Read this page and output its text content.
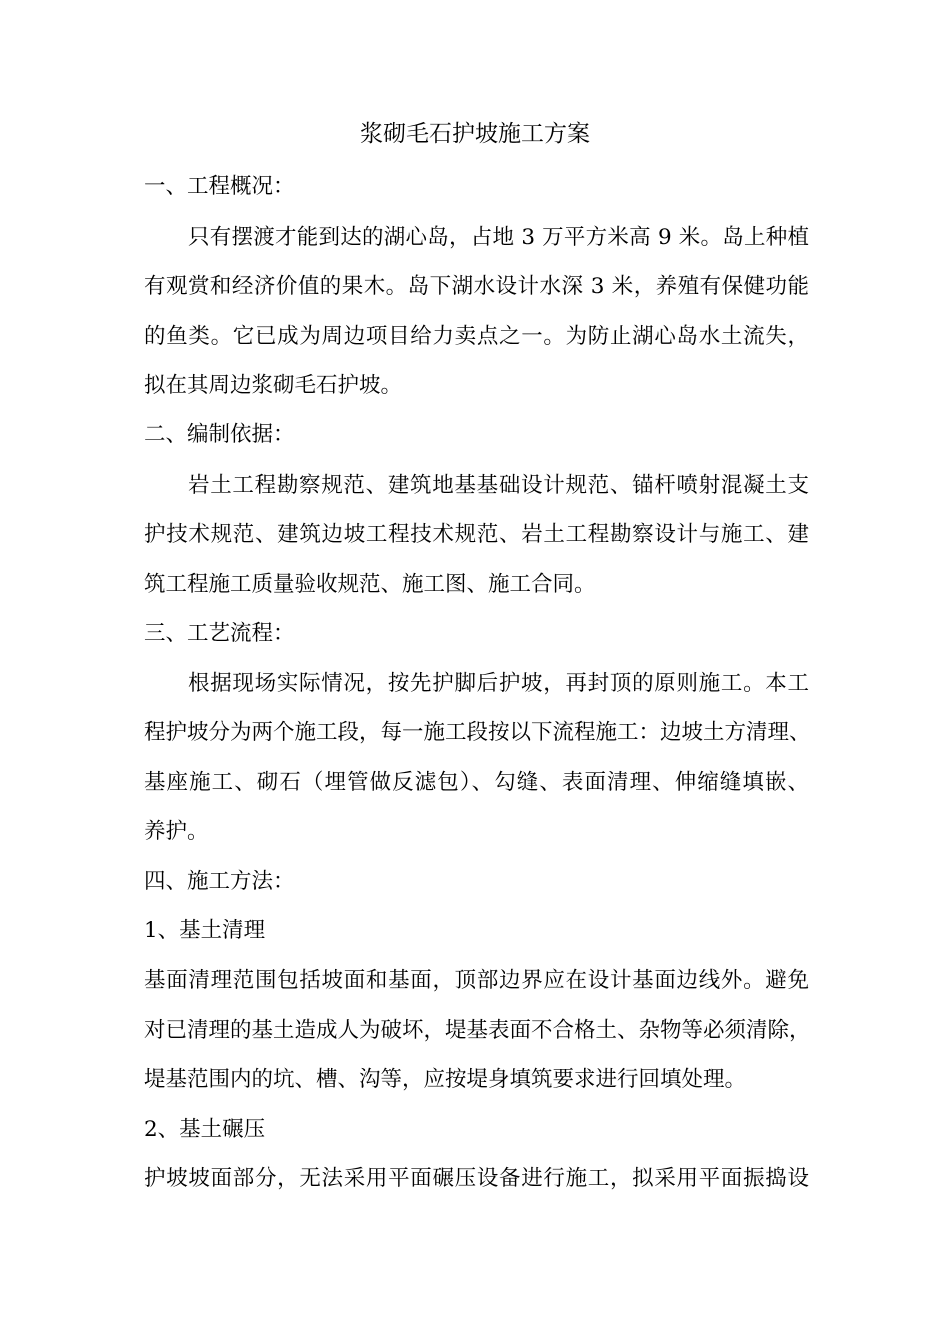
浆砌毛石护坡施工方案

一、工程概况：

只有摆渡才能到达的湖心岛，占地 3 万平方米高 9 米。岛上种植

有观赏和经济价值的果木。岛下湖水设计水深 3 米，养殖有保健功能

的鱼类。它已成为周边项目给力卖点之一。为防止湖心岛水土流失，

拟在其周边浆砌毛石护坡。

二、编制依据：

岩土工程勘察规范、建筑地基基础设计规范、锚杆喷射混凝土支

护技术规范、建筑边坡工程技术规范、岩土工程勘察设计与施工、建

筑工程施工质量验收规范、施工图、施工合同。

三、工艺流程：

根据现场实际情况，按先护脚后护坡，再封顶的原则施工。本工

程护坡分为两个施工段，每一施工段按以下流程施工：边坡土方清理、

基座施工、砌石（埋管做反滤包）、勾缝、表面清理、伸缩缝填嵌、

养护。

四、施工方法：

1、基土清理

基面清理范围包括坡面和基面，顶部边界应在设计基面边线外。避免

对已清理的基土造成人为破坏，堤基表面不合格土、杂物等必须清除，

堤基范围内的坑、槽、沟等，应按堤身填筑要求进行回填处理。

2、基土碾压

护坡坡面部分，无法采用平面碾压设备进行施工，拟采用平面振捣设
